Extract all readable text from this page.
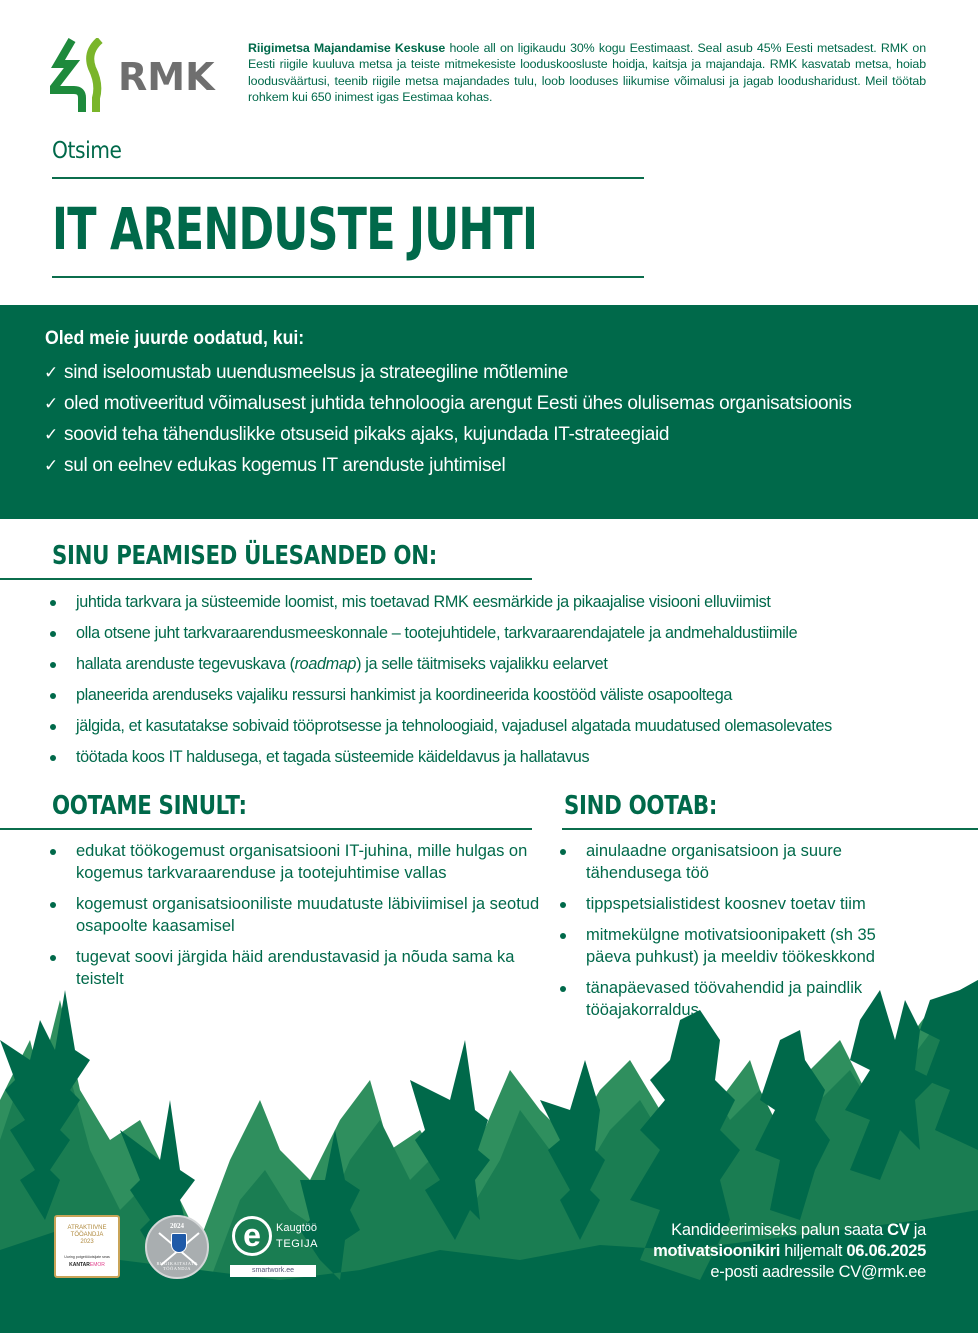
RMK

Riigimetsa Majandamise Keskuse hoole all on ligikaudu 30% kogu Eestimaast. Seal asub 45% Eesti metsadest. RMK on Eesti riigile kuuluva metsa ja teiste mitmekesiste looduskoosluste hoidja, kaitsja ja majandaja. RMK kasvatab metsa, hoiab loodusväärtusi, teenib riigile metsa majandades tulu, loob looduses liikumise võimalusi ja jagab loodusharidust. Meil töötab rohkem kui 650 inimest igas Eestimaa kohas.

Otsime
IT ARENDUSTE JUHTI
Oled meie juurde oodatud, kui:
✓ sind iseloomustab uuendusmeelsus ja strateegiline mõtlemine
✓ oled motiveeritud võimalusest juhtida tehnoloogia arengut Eesti ühes olulisemas organisatsioonis
✓ soovid teha tähenduslikke otsuseid pikaks ajaks, kujundada IT-strateegiaid
✓ sul on eelnev edukas kogemus IT arenduste juhtimisel
SINU PEAMISED ÜLESANDED ON:
juhtida tarkvara ja süsteemide loomist, mis toetavad RMK eesmärkide ja pikaajalise visiooni elluviimist
olla otsene juht tarkvaraarendusmeeskonnale – tootejuhtidele, tarkvaraarendajatele ja andmehaldustiimile
hallata arenduste tegevuskava (roadmap) ja selle täitmiseks vajalikku eelarvet
planeerida arenduseks vajaliku ressursi hankimist ja koordineerida koostööd väliste osapooltega
jälgida, et kasutatakse sobivaid tööprotsesse ja tehnoloogiaid, vajadusel algatada muudatused olemasolevates
töötada koos IT haldusega, et tagada süsteemide käideldavus ja hallatavus
OOTAME SINULT:
edukat töökogemust organisatsiooni IT-juhina, mille hulgas on kogemus tarkvaraarenduse ja tootejuhtimise vallas
kogemust organisatsiooniliste muudatuste läbiviimisel ja seotud osapoolte kaasamisel
tugevat soovi järgida häid arendustavasid ja nõuda sama ka teistelt
SIND OOTAB:
ainulaadne organisatsioon ja suure tähendusega töö
tippspetsialistidest koosnev toetav tiim
mitmekülgne motivatsioonipakett (sh 35 päeva puhkust) ja meeldiv töökeskkond
tänapäevased töövahendid ja paindlik tööajakorraldus
ATRAKTIIVNE
TÖÖANDJA
2023
Uuring potgetööotsijate seas
KANTAREMOR
2024
RIIGIKAITSJATE TÖÖANDJA
e	Kaugtöö
TEGIJA
smartwork.ee
Kandideerimiseks palun saata CV ja
motivatsioonikiri hiljemalt 06.06.2025
e-posti aadressile CV@rmk.ee
